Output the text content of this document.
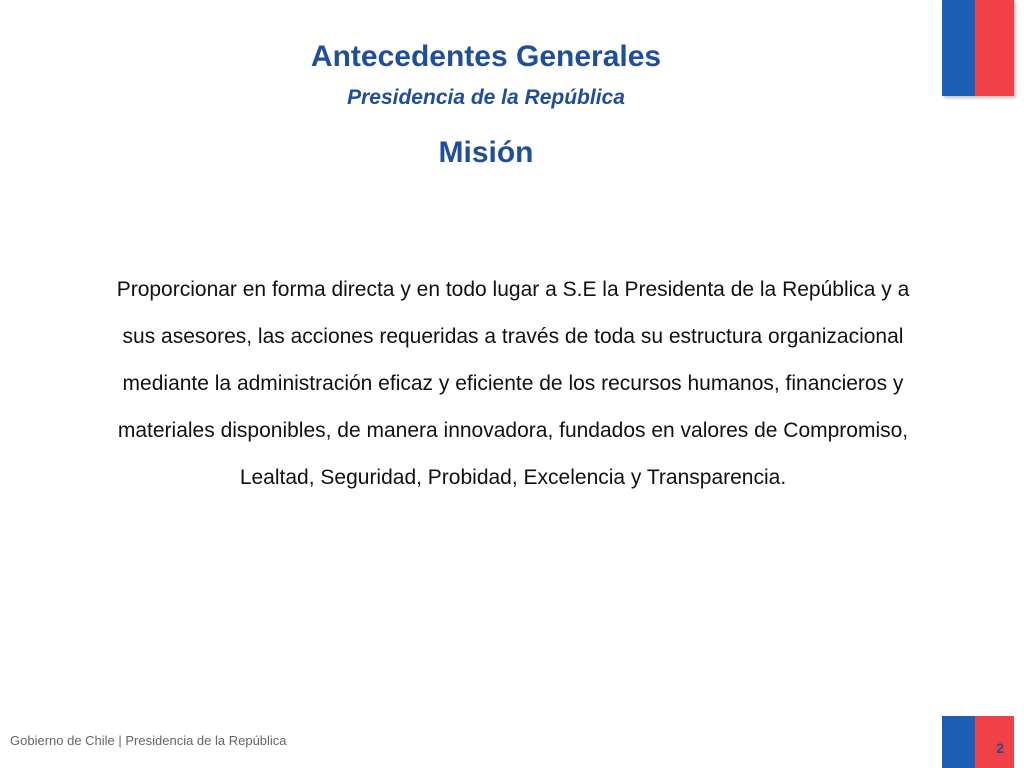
Antecedentes Generales
Presidencia de la República
Misión

Proporcionar en forma directa y en todo lugar a S.E la Presidenta de la República y a sus asesores, las acciones requeridas a través de toda su estructura organizacional mediante la administración eficaz y eficiente de los recursos humanos, financieros y materiales disponibles, de manera innovadora, fundados en valores de Compromiso, Lealtad, Seguridad, Probidad, Excelencia y Transparencia.

Gobierno de Chile | Presidencia de la República	2
